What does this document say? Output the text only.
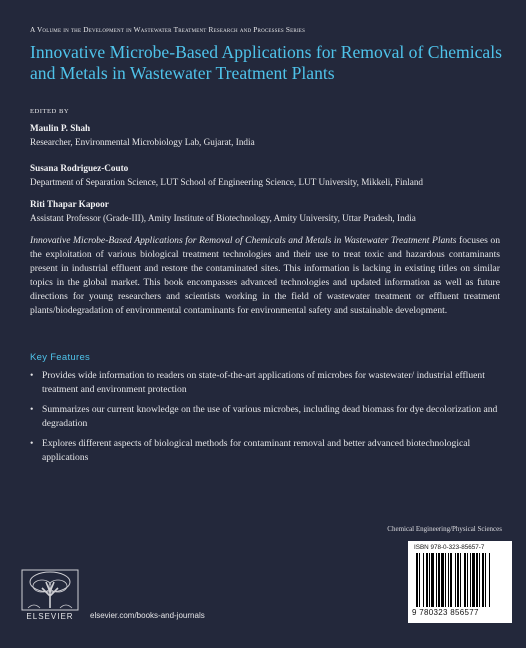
A Volume in the Development in Wastewater Treatment Research and Processes Series
Innovative Microbe-Based Applications for Removal of Chemicals and Metals in Wastewater Treatment Plants
EDITED BY
Maulin P. Shah
Researcher, Environmental Microbiology Lab, Gujarat, India
Susana Rodriguez-Couto
Department of Separation Science, LUT School of Engineering Science, LUT University, Mikkeli, Finland
Riti Thapar Kapoor
Assistant Professor (Grade-III), Amity Institute of Biotechnology, Amity University, Uttar Pradesh, India
Innovative Microbe-Based Applications for Removal of Chemicals and Metals in Wastewater Treatment Plants focuses on the exploitation of various biological treatment technologies and their use to treat toxic and hazardous contaminants present in industrial effluent and restore the contaminated sites. This information is lacking in existing titles on similar topics in the global market. This book encompasses advanced technologies and updated information as well as future directions for young researchers and scientists working in the field of wastewater treatment or effluent treatment plants/biodegradation of environmental contaminants for environmental safety and sustainable development.
Key Features
• Provides wide information to readers on state-of-the-art applications of microbes for wastewater/ industrial effluent treatment and environment protection
• Summarizes our current knowledge on the use of various microbes, including dead biomass for dye decolorization and degradation
• Explores different aspects of biological methods for contaminant removal and better advanced biotechnological applications
Chemical Engineering/Physical Sciences
ISBN 978-0-323-85657-7
9 780323 856577
ELSEVIER	elsevier.com/books-and-journals
